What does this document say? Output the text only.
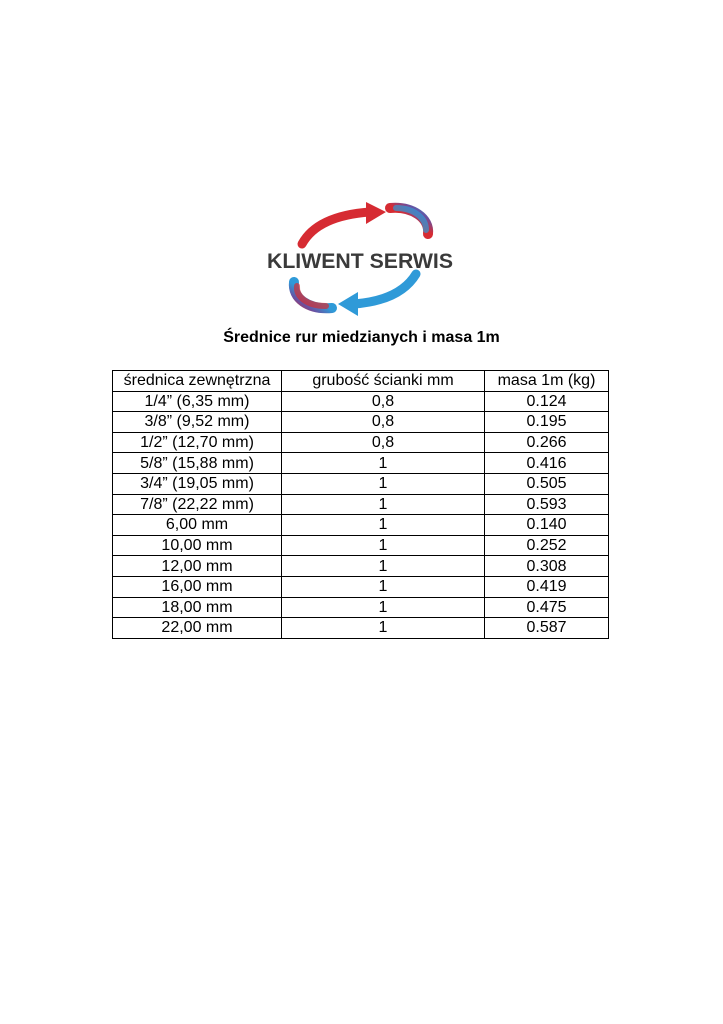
KLIWENT SERWIS
Średnice rur miedzianych i masa 1m
średnica zewnętrzna	grubość ścianki mm	masa 1m (kg)
1/4” (6,35 mm)	0,8	0.124
3/8” (9,52 mm)	0,8	0.195
1/2” (12,70 mm)	0,8	0.266
5/8” (15,88 mm)	1	0.416
3/4” (19,05 mm)	1	0.505
7/8” (22,22 mm)	1	0.593
6,00 mm	1	0.140
10,00 mm	1	0.252
12,00 mm	1	0.308
16,00 mm	1	0.419
18,00 mm	1	0.475
22,00 mm	1	0.587
